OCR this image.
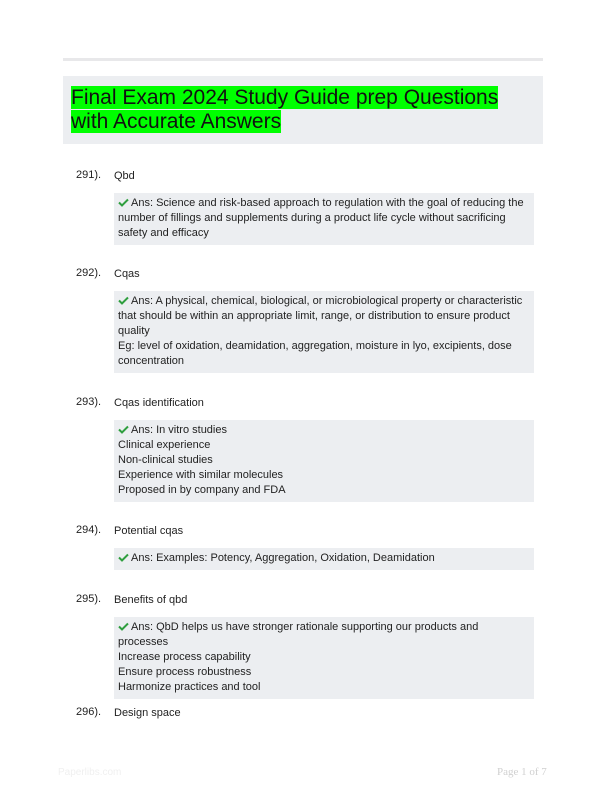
Final Exam 2024 Study Guide prep Questions
with Accurate Answers
291). Qbd

Ans: Science and risk-based approach to regulation with the goal of reducing the number of fillings and supplements during a product life cycle without sacrificing safety and efficacy

292). Cqas

Ans: A physical, chemical, biological, or microbiological property or characteristic that should be within an appropriate limit, range, or distribution to ensure product quality

Eg: level of oxidation, deamidation, aggregation, moisture in lyo, excipients, dose concentration

293). Cqas identification

Ans: In vitro studies

Clinical experience

Non-clinical studies

Experience with similar molecules

Proposed in by company and FDA

294). Potential cqas

Ans: Examples: Potency, Aggregation, Oxidation, Deamidation

295). Benefits of qbd

Ans: QbD helps us have stronger rationale supporting our products and processes

Increase process capability

Ensure process robustness

Harmonize practices and tool

296). Design space
Paperlibs.com	Page 1 of 7
